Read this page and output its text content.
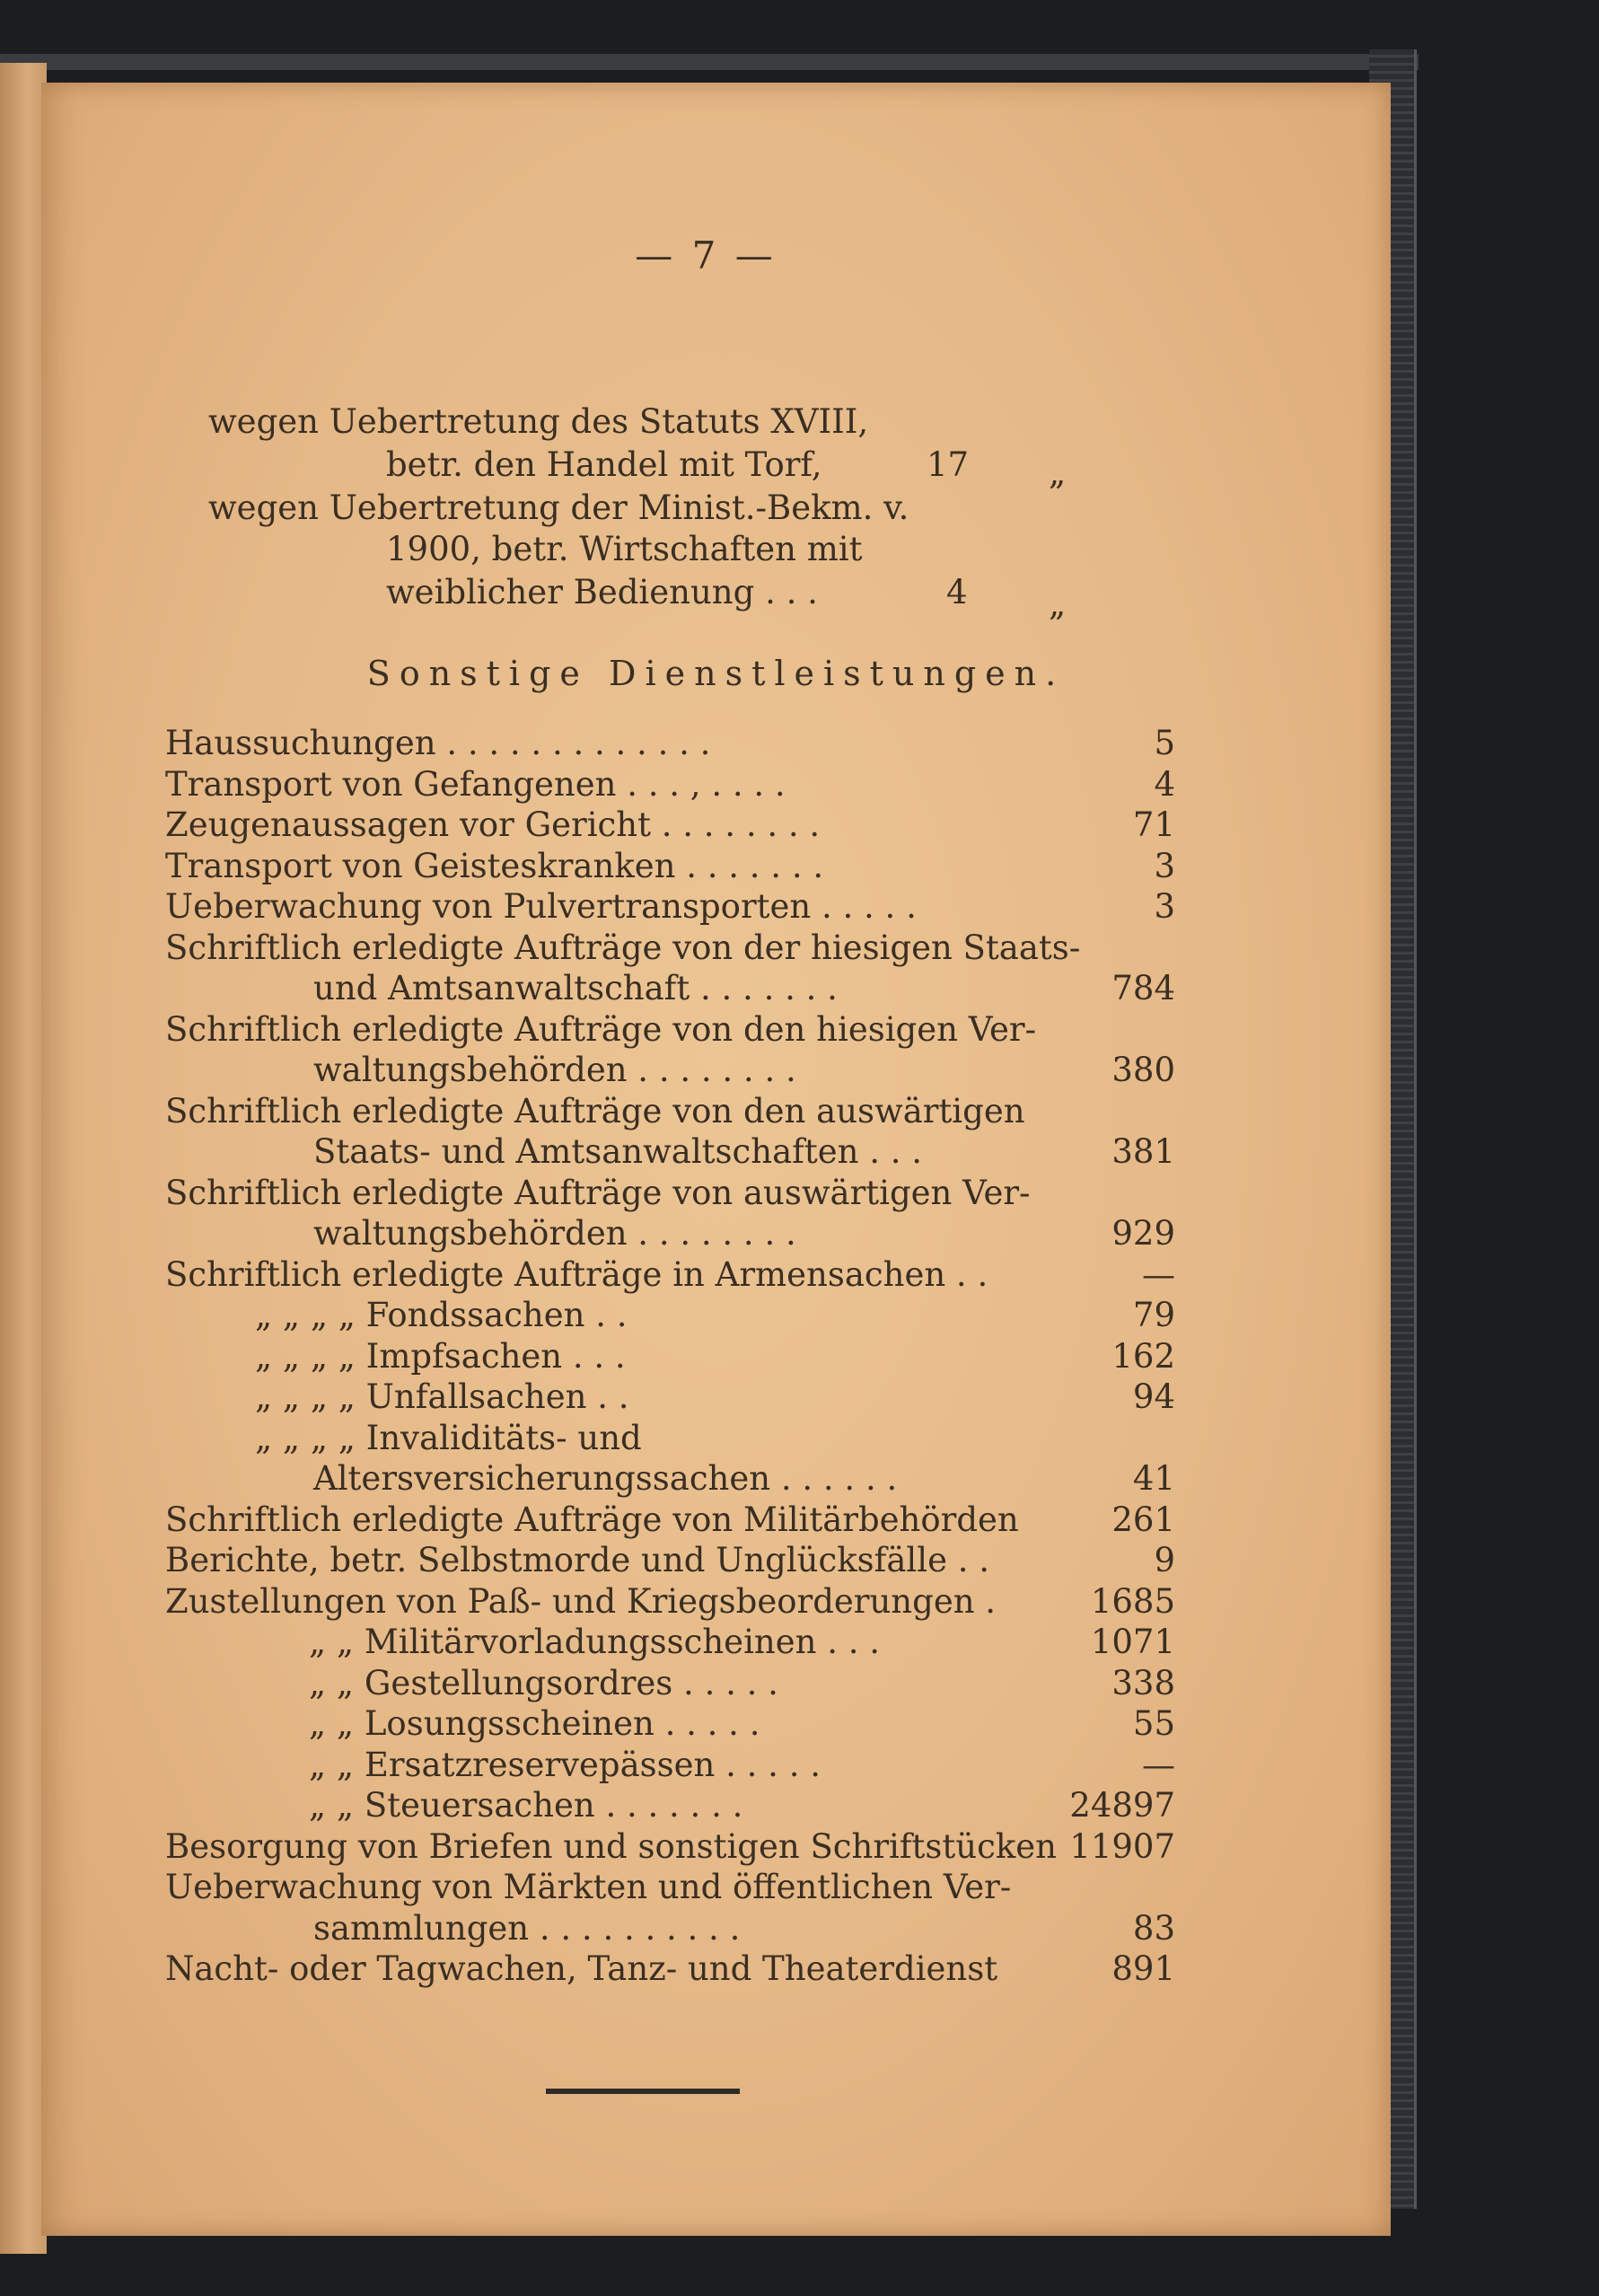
— 7 —
wegen Uebertretung des Statuts XVIII,
betr. den Handel mit Torf,	17 „
wegen Uebertretung der Minist.-Bekm. v.
1900, betr. Wirtschaften mit
weiblicher Bedienung . . .	4 „
Sonstige Dienstleistungen.
Haussuchungen . . . . . . . . . . . . .	5
Transport von Gefangenen . . . , . . . .	4
Zeugenaussagen vor Gericht . . . . . . . .	71
Transport von Geisteskranken . . . . . . .	3
Ueberwachung von Pulvertransporten . . . . .	3
Schriftlich erledigte Aufträge von der hiesigen Staats-
und Amtsanwaltschaft . . . . . . .	784
Schriftlich erledigte Aufträge von den hiesigen Ver-
waltungsbehörden . . . . . . . .	380
Schriftlich erledigte Aufträge von den auswärtigen
Staats- und Amtsanwaltschaften . . .	381
Schriftlich erledigte Aufträge von auswärtigen Ver-
waltungsbehörden . . . . . . . .	929
Schriftlich erledigte Aufträge in Armensachen . .	—
„ „ „ „ Fondssachen . .	79
„ „ „ „ Impfsachen . . .	162
„ „ „ „ Unfallsachen . .	94
„ „ „ „ Invaliditäts- und
Altersversicherungssachen . . . . . .	41
Schriftlich erledigte Aufträge von Militärbehörden	261
Berichte, betr. Selbstmorde und Unglücksfälle . .	9
Zustellungen von Paß- und Kriegsbeorderungen .	1685
„ „ Militärvorladungsscheinen . . .	1071
„ „ Gestellungsordres . . . . .	338
„ „ Losungsscheinen . . . . .	55
„ „ Ersatzreservepässen . . . . .	—
„ „ Steuersachen . . . . . . .	24897
Besorgung von Briefen und sonstigen Schriftstücken 11907
Ueberwachung von Märkten und öffentlichen Ver-
sammlungen . . . . . . . . . .	83
Nacht- oder Tagwachen, Tanz- und Theaterdienst	891
